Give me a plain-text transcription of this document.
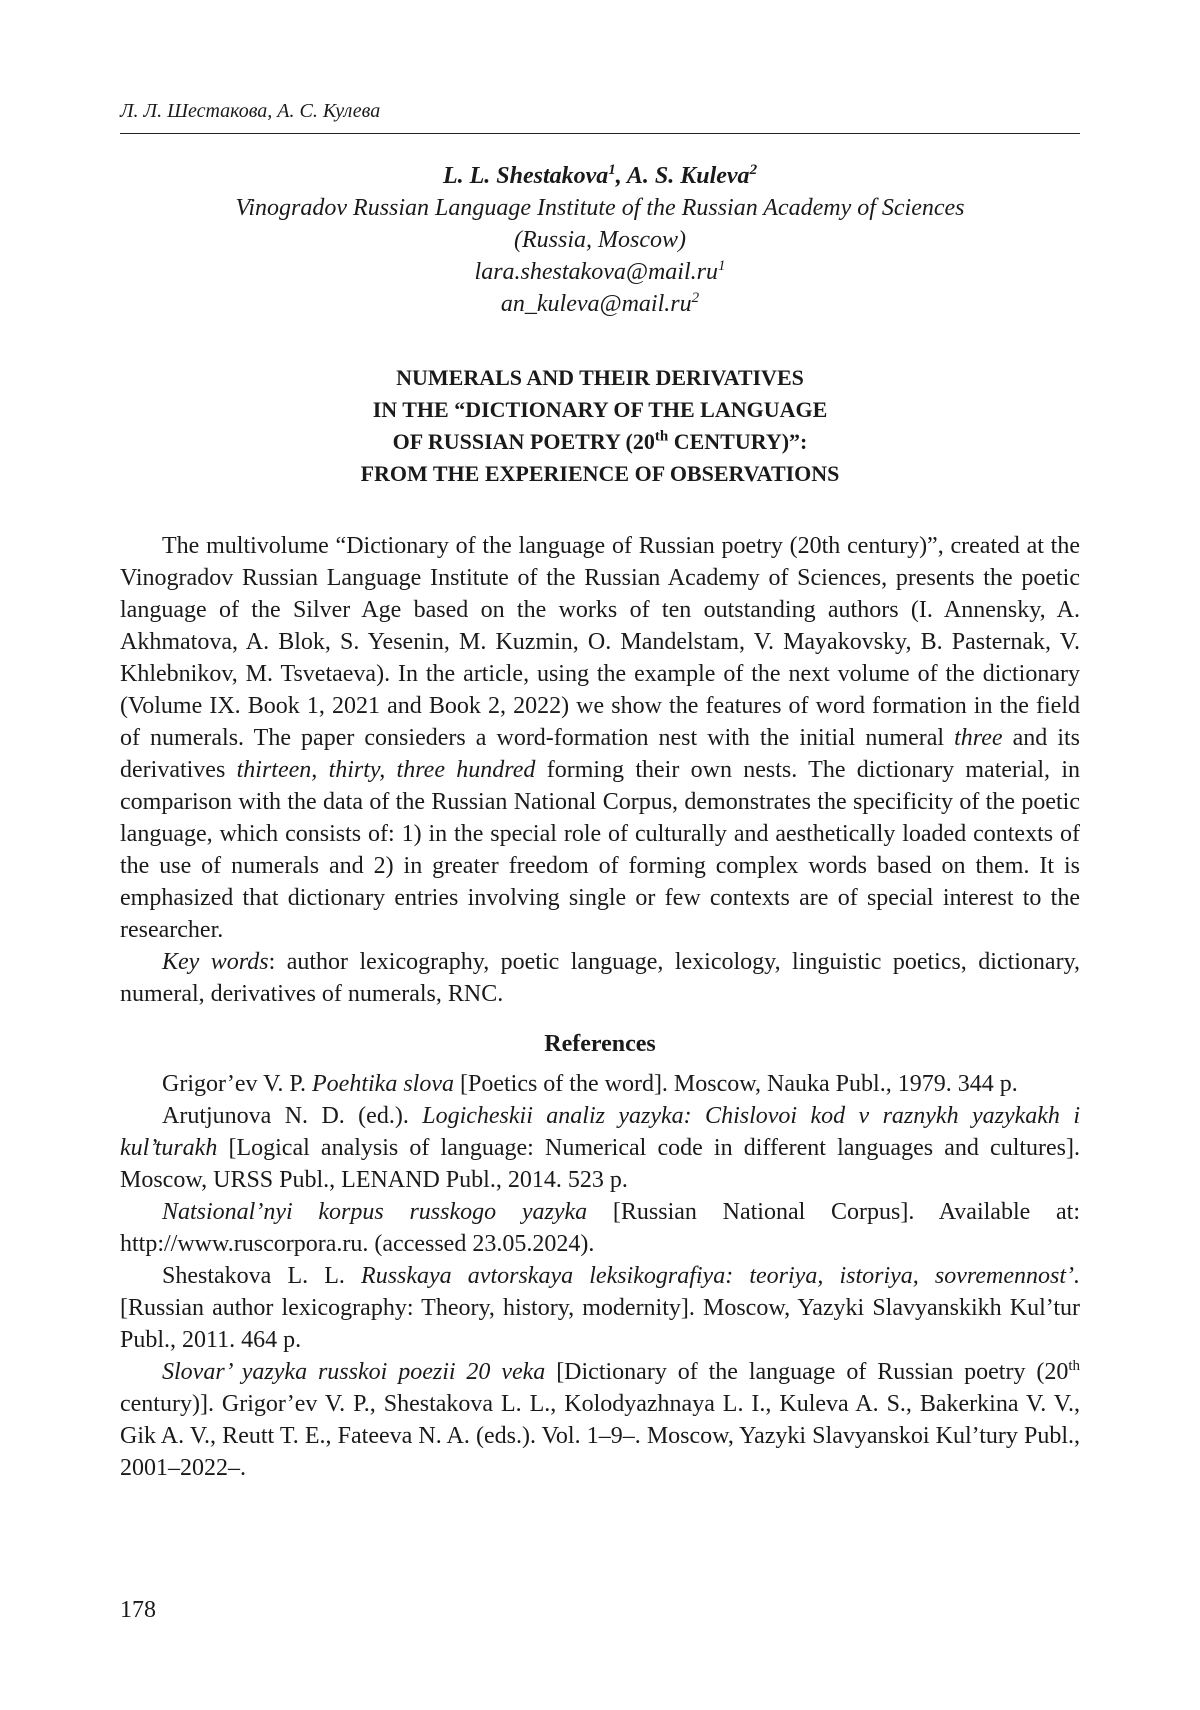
Л. Л. Шестакова, А. С. Кулева
L. L. Shestakova$^1$, A. S. Kuleva$^2$
Vinogradov Russian Language Institute of the Russian Academy of Sciences
(Russia, Moscow)
$lara.shestakova@mail.ru^1$
$an\_kuleva@mail.ru^2$
NUMERALS AND THEIR DERIVATIVES
IN THE “DICTIONARY OF THE LANGUAGE
OF RUSSIAN POETRY (20th CENTURY)”:
FROM THE EXPERIENCE OF OBSERVATIONS

The multivolume “Dictionary of the language of Russian poetry (20th century)”, created at the Vinogradov Russian Language Institute of the Russian Academy of Sciences, presents the poetic language of the Silver Age based on the works of ten outstanding authors (I. Annensky, A. Akhmatova, A. Blok, S. Yesenin, M. Kuzmin, O. Mandelstam, V. Mayakovsky, B. Pasternak, V. Khlebnikov, M. Tsvetaeva). In the article, using the example of the next volume of the dictionary (Volume IX. Book 1, 2021 and Book 2, 2022) we show the features of word formation in the field of numerals. The paper consieders a word-formation nest with the initial numeral three and its derivatives thirteen, thirty, three hundred forming their own nests. The dictionary material, in comparison with the data of the Russian National Corpus, demonstrates the specificity of the poetic language, which consists of: 1) in the special role of culturally and aesthetically loaded contexts of the use of numerals and 2) in greater freedom of forming complex words based on them. It is emphasized that dictionary entries involving single or few contexts are of special interest to the researcher.

Key words: author lexicography, poetic language, lexicology, linguistic poetics, dictionary, numeral, derivatives of numerals, RNC.

References

Grigor’ev V. P. Poehtika slova [Poetics of the word]. Moscow, Nauka Publ., 1979. 344 p.

Arutjunova N. D. (ed.). Logicheskii analiz yazyka: Chislovoi kod v raznykh yazykakh i kul’turakh [Logical analysis of language: Numerical code in different languages and cultures]. Moscow, URSS Publ., LENAND Publ., 2014. 523 p.

Natsional’nyi korpus russkogo yazyka [Russian National Corpus]. Available at: http://www.ruscorpora.ru. (accessed 23.05.2024).

Shestakova L. L. Russkaya avtorskaya leksikografiya: teoriya, istoriya, sovremennost’. [Russian author lexicography: Theory, history, modernity]. Moscow, Yazyki Slavyanskikh Kul’tur Publ., 2011. 464 p.

Slovar’ yazyka russkoi poezii 20 veka [Dictionary of the language of Russian poetry (20th century)]. Grigor’ev V. P., Shestakova L. L., Kolodyazhnaya L. I., Kuleva A. S., Bakerkina V. V., Gik A. V., Reutt T. E., Fateeva N. A. (eds.). Vol. 1–9–. Moscow, Yazyki Slavyanskoi Kul’tury Publ., 2001–2022–.

178
